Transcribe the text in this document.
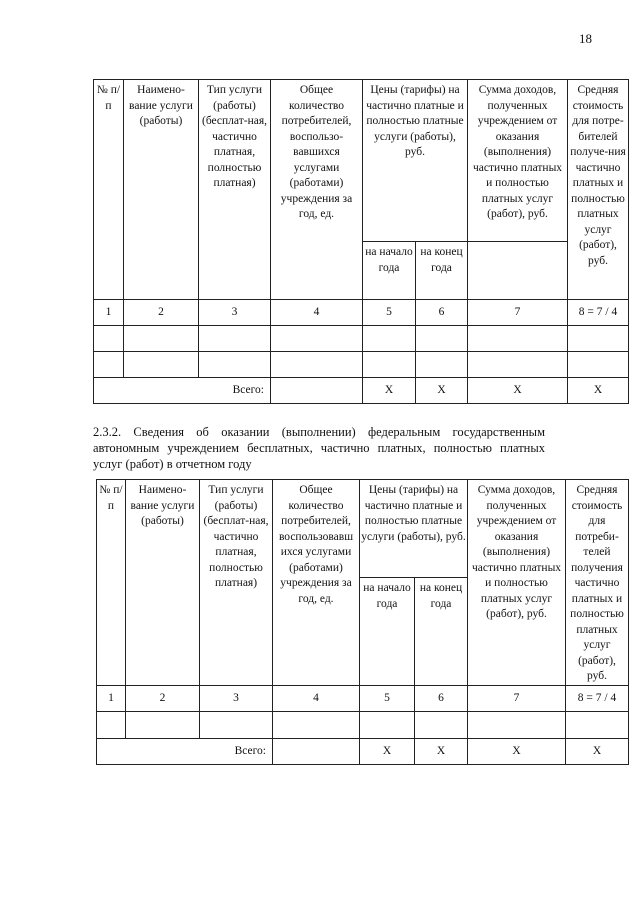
18
№ п/п	Наимено-вание услуги (работы)	Тип услуги (работы) (бесплат-ная, частично платная, полностью платная)	Общее количество потребителей, воспользо-вавшихся услугами (работами) учреждения за год, ед.	Цены (тарифы) на частично платные и полностью платные услуги (работы), руб.		Сумма доходов, полученных учреждением от оказания (выполнения) частично платных и полностью платных услуг (работ), руб.	Средняя стоимость для потре-бителей получе-ния частично платных и полностью платных услуг (работ), руб.
				на начало года	на конец года		
1	2	3	4	5	6	7	8 = 7 / 4

Всего:				Х	Х	Х	Х
2.3.2. Сведения об оказании (выполнении) федеральным государственным
автономным учреждением бесплатных, частично платных, полностью платных
услуг (работ) в отчетном году
№ п/п	Наимено-вание услуги (работы)	Тип услуги (работы) (бесплат-ная, частично платная, полностью платная)	Общее количество потребителей, воспользовавш ихся услугами (работами) учреждения за год, ед.	Цены (тарифы) на частично платные и полностью платные услуги (работы), руб.		Сумма доходов, полученных учреждением от оказания (выполнения) частично платных и полностью платных услуг (работ), руб.	Средняя стоимость для потреби-телей получения частично платных и полностью платных услуг (работ), руб.
				на начало года	на конец года		
1	2	3	4	5	6	7	8 = 7 / 4

Всего:				Х	Х	Х	Х
